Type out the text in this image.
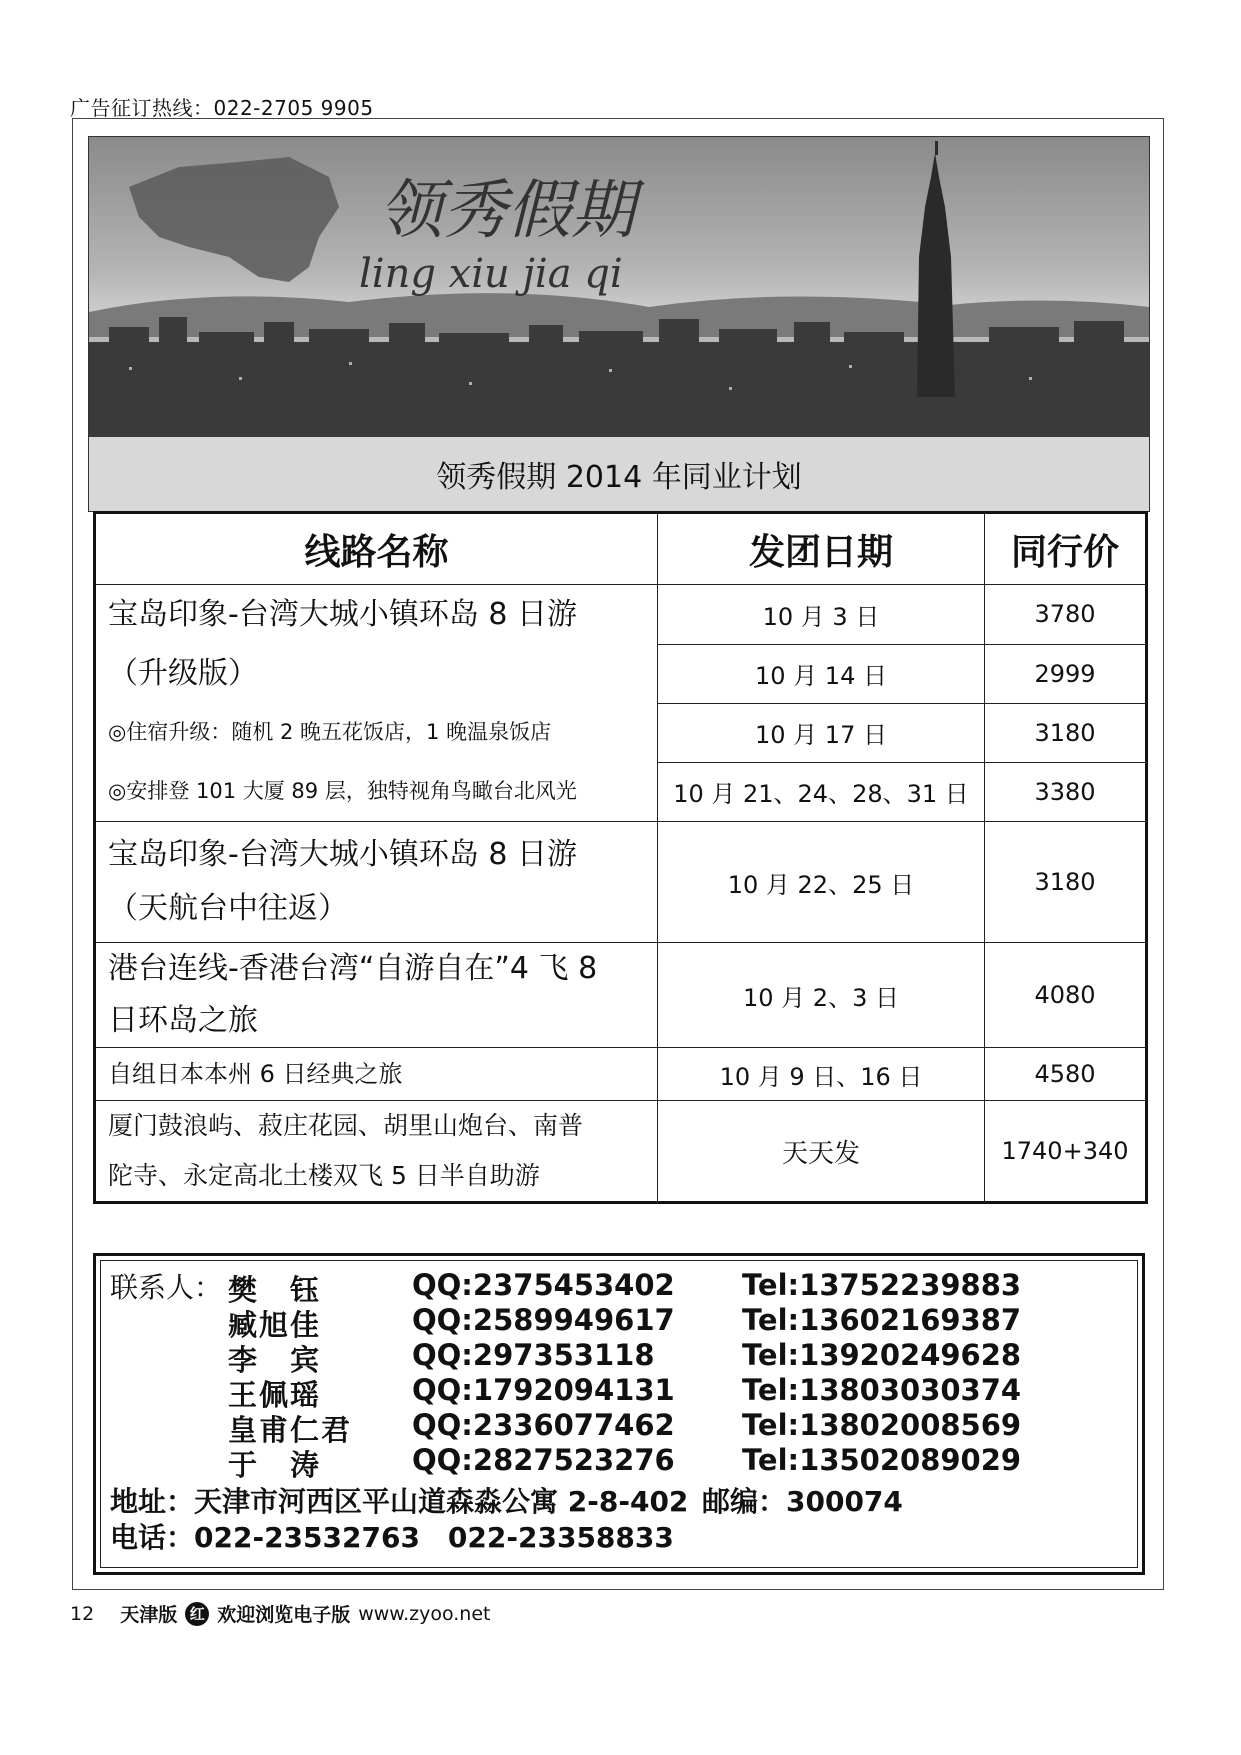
广告征订热线：022-2705 9905
领秀假期
ling xiu jia qi
领秀假期 2014 年同业计划
线路名称	发团日期	同行价
宝岛印象-台湾大城小镇环岛 8 日游	10 月 3 日	3780
（升级版）	10 月 14 日	2999
◎住宿升级：随机 2 晚五花饭店，1 晚温泉饭店	10 月 17 日	3180
◎安排登 101 大厦 89 层，独特视角鸟瞰台北风光	10 月 21、24、28、31 日	3380

宝岛印象-台湾大城小镇环岛 8 日游
（天航台中往返）	10 月 22、25 日	3180

港台连线-香港台湾“自游自在”4 飞 8
日环岛之旅	10 月 2、3 日	4080
自组日本本州 6 日经典之旅	10 月 9 日、16 日	4580

厦门鼓浪屿、菽庄花园、胡里山炮台、南普
陀寺、永定高北土楼双飞 5 日半自助游	天天发	1740+340
联系人： 樊　钰	QQ:2375453402 Tel:13752239883
臧旭佳	QQ:2589949617 Tel:13602169387
李　宾	QQ:297353118	Tel:13920249628
王佩瑶	QQ:1792094131 Tel:13803030374
皇甫仁君 QQ:2336077462 Tel:13802008569
于　涛	QQ:2827523276 Tel:13502089029
地址：天津市河西区平山道森淼公寓 2-8-402 邮编：300074
电话：022-23532763　022-23358833
12 天津版 红 欢迎浏览电子版 www.zyoo.net
